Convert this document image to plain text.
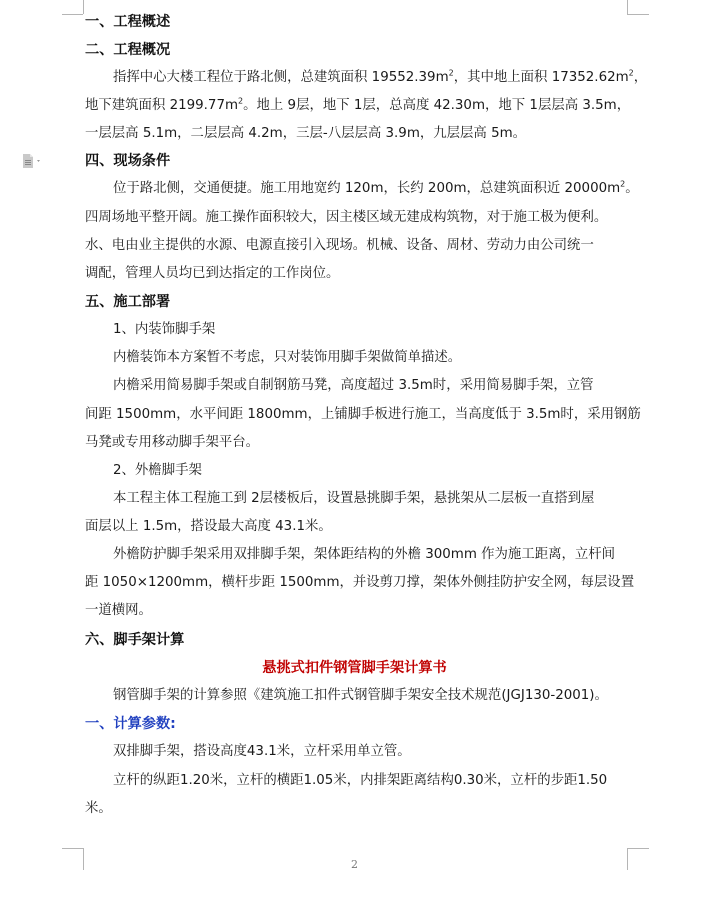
一、工程概述
二、工程概况
指挥中心大楼工程位于路北侧，总建筑面积 $19552.39m^2$，其中地上面积 $17352.62m^2$，
地下建筑面积 $2199.77m^2$。地上 9层，地下 1层，总高度 42.30m，地下 1层层高 3.5m，
一层层高 5.1m，二层层高 4.2m，三层-八层层高 3.9m，九层层高 5m。
四、现场条件
位于路北侧，交通便捷。施工用地宽约 120m，长约 200m，总建筑面积近 $20000m^2$。
四周场地平整开阔。施工操作面积较大，因主楼区域无建成构筑物，对于施工极为便利。
水、电由业主提供的水源、电源直接引入现场。机械、设备、周材、劳动力由公司统一
调配，管理人员均已到达指定的工作岗位。
五、施工部署
1、内装饰脚手架
内檐装饰本方案暂不考虑，只对装饰用脚手架做简单描述。
内檐采用简易脚手架或自制钢筋马凳，高度超过 3.5m时，采用简易脚手架，立管
间距 1500mm，水平间距 1800mm，上铺脚手板进行施工，当高度低于 3.5m时，采用钢筋
马凳或专用移动脚手架平台。
2、外檐脚手架
本工程主体工程施工到 2层楼板后，设置悬挑脚手架，悬挑架从二层板一直搭到屋
面层以上 1.5m，搭设最大高度 43.1米。
外檐防护脚手架采用双排脚手架，架体距结构的外檐 300mm 作为施工距离，立杆间
距 1050×1200mm，横杆步距 1500mm，并设剪刀撑，架体外侧挂防护安全网，每层设置
一道横网。
六、脚手架计算
悬挑式扣件钢管脚手架计算书
钢管脚手架的计算参照《建筑施工扣件式钢管脚手架安全技术规范(JGJ130-2001)。
一、计算参数:
双排脚手架，搭设高度43.1米，立杆采用单立管。
立杆的纵距1.20米，立杆的横距1.05米，内排架距离结构0.30米，立杆的步距1.50
米。
2
